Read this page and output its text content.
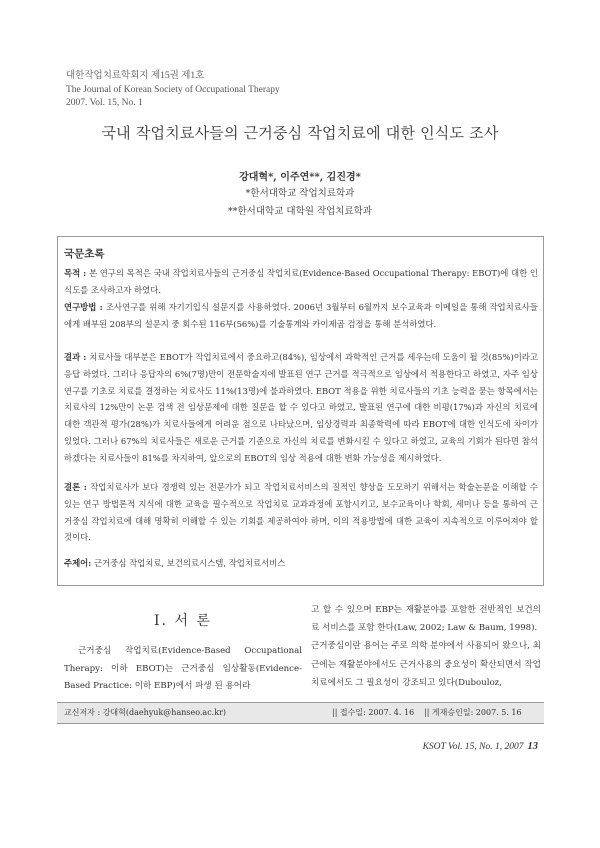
대한작업치료학회지 제15권 제1호
The Journal of Korean Society of Occupational Therapy
2007. Vol. 15, No. 1
국내 작업치료사들의 근거중심 작업치료에 대한 인식도 조사
강대혁*, 이주연**, 김진경*
*한서대학교 작업치료학과
**한서대학교 대학원 작업치료학과
국문초록
목적 : 본 연구의 목적은 국내 작업치료사들의 근거중심 작업치료(Evidence-Based Occupational Therapy: EBOT)에 대한 인식도를 조사하고자 하였다.
연구방법 : 조사연구를 위해 자기기입식 설문지를 사용하였다. 2006년 3월부터 6월까지 보수교육과 이메일을 통해 작업치료사들에게 배부된 208부의 설문지 중 회수된 116부(56%)를 기술통계와 카이제곱 검정을 통해 분석하였다.
결과 : 치료사들 대부분은 EBOT가 작업치료에서 중요하고(84%), 임상에서 과학적인 근거를 세우는데 도움이 될 것(85%)이라고 응답 하였다. 그러나 응답자의 6%(7명)만이 전문학술지에 발표된 연구 근거를 적극적으로 임상에서 적용한다고 하였고, 자주 임상 연구를 기초로 치료를 결정하는 치료사도 11%(13명)에 불과하였다. EBOT 적용을 위한 치료사들의 기초 능력을 묻는 항목에서는 치료사의 12%만이 논문 검색 전 임상문제에 대한 질문을 할 수 있다고 하였고, 발표된 연구에 대한 비평(17%)과 자신의 치료에 대한 객관적 평가(28%)가 치료사들에게 어려운 점으로 나타났으며, 임상경력과 최종학력에 따라 EBOT에 대한 인식도에 차이가 있었다. 그러나 67%의 치료사들은 새로운 근거를 기준으로 자신의 치료를 변화시킬 수 있다고 하였고, 교육의 기회가 된다면 참석하겠다는 치료사들이 81%를 차지하여, 앞으로의 EBOT의 임상 적용에 대한 변화 가능성을 제시하였다.
결론 : 작업치료사가 보다 경쟁력 있는 전문가가 되고 작업치료서비스의 질적인 향상을 도모하기 위해서는 학술논문을 이해할 수 있는 연구 방법론적 지식에 대한 교육을 필수적으로 작업치료 교과과정에 포함시키고, 보수교육이나 학회, 세미나 등을 통하여 근거중심 작업치료에 대해 명확히 이해할 수 있는 기회를 제공하여야 하며, 이의 적용방법에 대한 교육이 지속적으로 이루어져야 할 것이다.
주제어: 근거중심 작업치료, 보건의료시스템, 작업치료서비스
Ⅰ. 서 론
근거중심 작업치료(Evidence-Based Occupational Therapy: 이하 EBOT)는 근거중심 임상활동(Evidence-Based Practice: 이하 EBP)에서 파생 된 용어라
고 할 수 있으며 EBP는 재활분야를 포함한 전반적인 보건의료 서비스를 포함 한다(Law, 2002; Law & Baum, 1998).
근거중심이란 용어는 주로 의학 분야에서 사용되어 왔으나, 최근에는 재활분야에서도 근거사용의 중요성이 확산되면서 작업치료에서도 그 필요성이 강조되고 있다(Dubouloz,
교신저자 : 강대혁(daehyuk@hanseo.ac.kr)	|| 접수일: 2007. 4. 16 || 게재승인일: 2007. 5. 16
KSOT Vol. 15, No. 1, 2007 13
